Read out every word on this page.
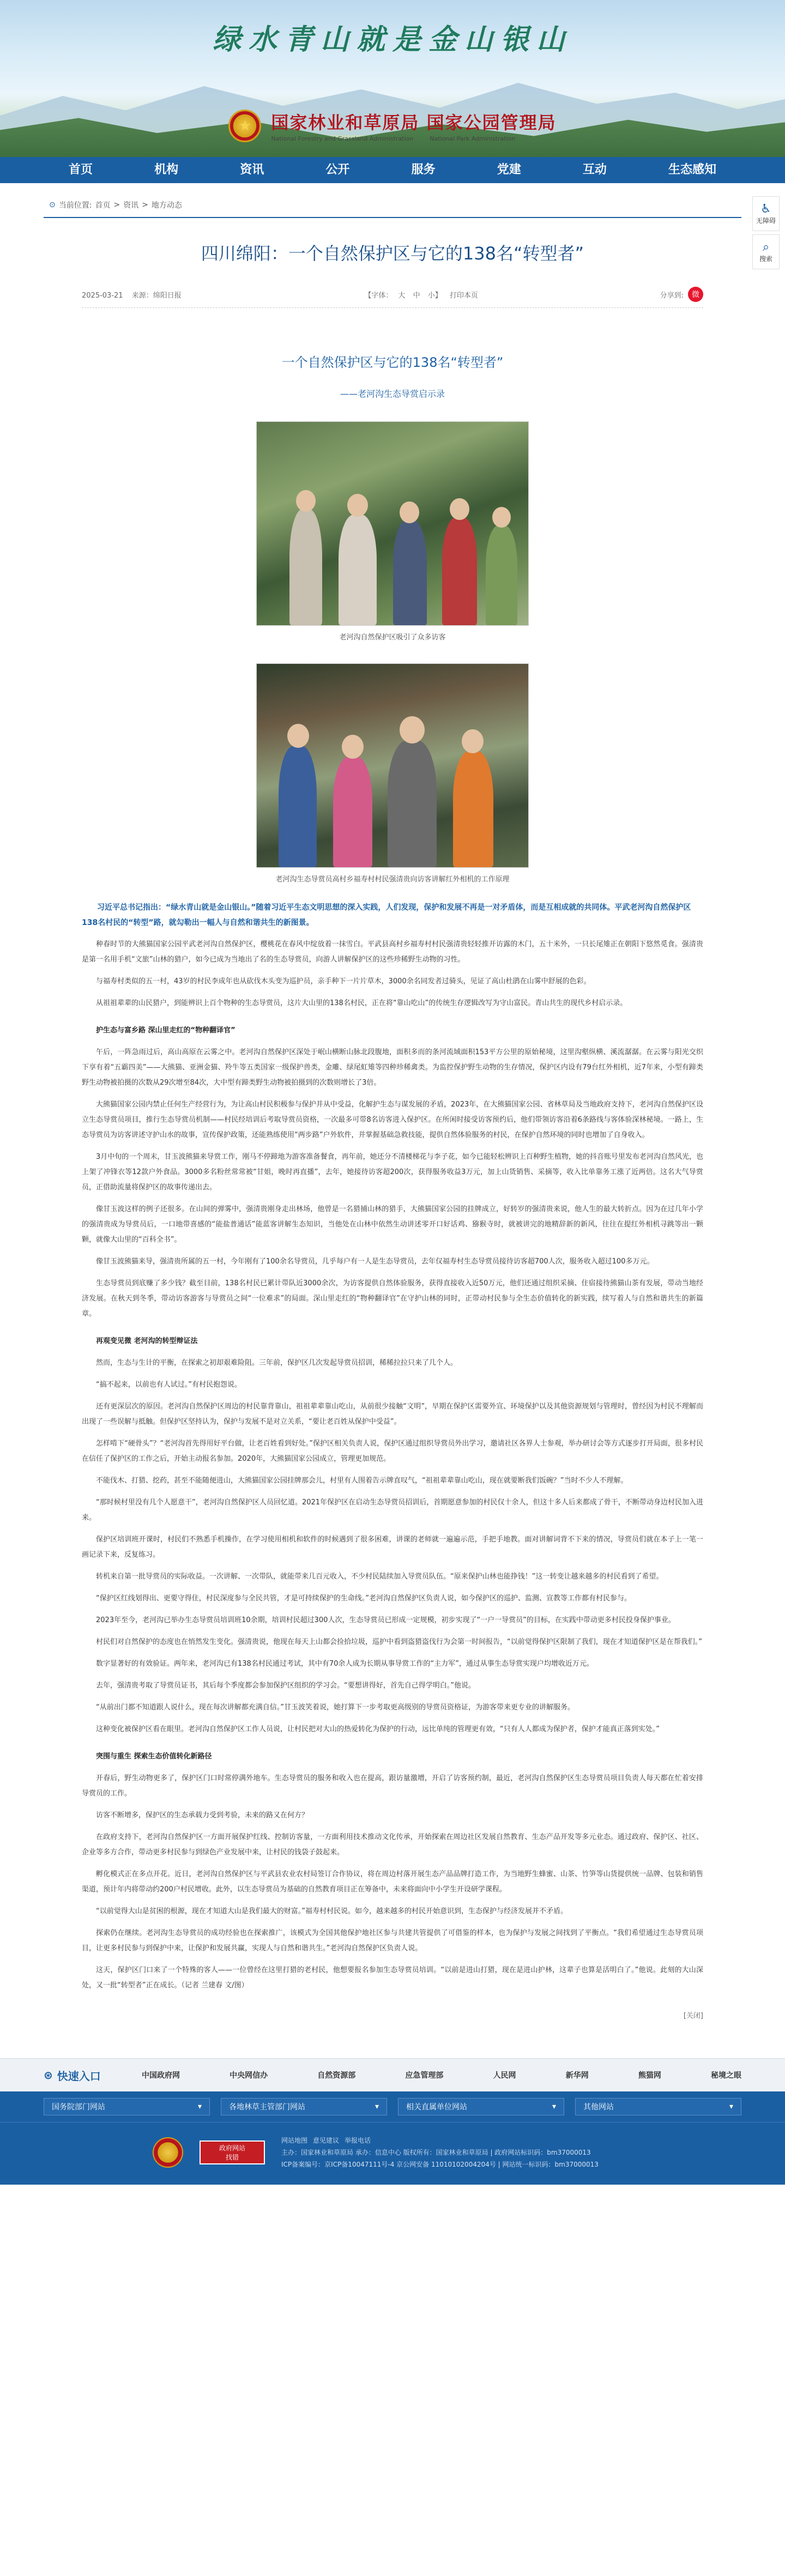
绿水青山就是金山银山
★	国家林业和草原局 国家公园管理局
National Forestry and Grassland Administration	National Park Administration
首页	机构	资讯	公开	服务	党建	互动	生态感知
♿
无障碍
⌕
搜索
⊙ 当前位置: 首页 > 资讯 > 地方动态
四川绵阳：一个自然保护区与它的138名“转型者”
2025-03-21 来源：绵阳日报	【字体： 大 中 小】 打印本页	分享到:	微
一个自然保护区与它的138名“转型者”
——老河沟生态导赏启示录
老河沟自然保护区吸引了众多访客
老河沟生态导赏员高村乡福寿村村民强清贵向访客讲解红外相机的工作原理

习近平总书记指出：“绿水青山就是金山银山。”随着习近平生态文明思想的深入实践，人们发现，保护和发展不再是一对矛盾体，而是互相成就的共同体。平武老河沟自然保护区138名村民的“转型”路，就勾勒出一幅人与自然和谐共生的新图景。

种春时节的大熊猫国家公园平武老河沟自然保护区，樱桃花在春风中绽放着一抹雪白。平武县高村乡福寿村村民强清贵轻轻推开访露的木门，五十米外，一只长尾雉正在朝阳下悠然觅食。强清贵是第一名用手机“文旅”山林的猎户，如今已成为当地出了名的生态导赏员，向游人讲解保护区的这些珍稀野生动物的习性。

与福寿村类似的五一村，43岁的村民李成年也从砍伐木头变为巡护员，亲手种下一片片草木，3000余名同发者过骑头，见证了高山杜鹃在山雾中舒展的色彩。

从祖祖辈辈的山民猎户，到能辨识上百个物种的生态导赏员，这片大山里的138名村民，正在将“靠山吃山”的传统生存逻辑改写为守山富民。青山共生的现代乡村启示录。

护生态与富乡路 深山里走红的“物种翻译官”

午后，一阵急雨过后，高山高原在云雾之中。老河沟自然保护区深处于岷山横断山脉北段腹地，面积多而的条河流域面积153平方公里的原始秘境，这里沟壑纵横、溪流潺潺。在云雾与阳光交织下享有着“五霸四美”——大熊猫、亚洲金猫、羚牛等五类国家一级保护兽类，金雕、绿尾虹雉等四种珍稀禽类。为监控保护野生动物的生存情况，保护区内设有79台红外相机，近7年来，小型有蹄类野生动物被拍摄的次数从29次增至84次，大中型有蹄类野生动物被拍摄到的次数则增长了3倍。

大熊猫国家公园内禁止任何生产经营行为，为让高山村民积极参与保护并从中受益，化解护生态与谋发展的矛盾，2023年，在大熊猫国家公园、省林草局及当地政府支持下，老河沟自然保护区设立生态导赏员项目，推行生态导赏员机制——村民经培训后考取导赏员资格，一次最多可带8名访客进入保护区。在所闲时接受访客预约后，他们带领访客沿着6条路线与客体验深林秘境。一路上，生态导赏员为访客讲述守护山水的故事，宣传保护政策，还能熟练使用“两步路”户外软件，并掌握基础急救技能，提供自然体验服务的村民，在保护自然环境的同时也增加了自身收入。

3月中旬的一个周末，甘玉波熊猫来导赏工作，刚马不停蹄地为游客准备餐食，再年前，她还分不清楼梯花与李子花，如今已能轻松辨识上百种野生植物，她的抖音账号里发布老河沟自然风光，也上架了冲锋衣等12款户外食品。3000多名粉丝常常被“甘姐，晚时再直播”，去年，她接待访客超200次，获得服务收益3万元，加上山货销售、采摘等，收入比单靠务工涨了近两倍。这名大气导赏员，正借助流量将保护区的故事传递出去。

像甘玉波这样的例子还很多。在山间的弹雾中，强清贵刚身走出林场，他曾是一名猎捕山林的猎手，大熊猫国家公园的挂牌成立，好转岁的强清贵来说，他人生的最大转折点。因为在过几年小学的强清贵成为导赏员后，一口地带喜感的“能盐普通话”能蓝客讲解生态知识，当他处在山林中依然生动讲述零开口好话鸡、猕猴寺时，就被讲完的地精辞新的新风，往往在提红外相机寻跳等出一颗颗，就像大山里的“百科全书”。

像甘玉波熊猫来导，强清贵所属的五一村，今年刚有了100余名导赏员，几乎每户有一人是生态导赏员，去年仅福寿村生态导赏员接待访客超700人次，服务收入超过100多万元。

生态导赏员到底赚了多少钱？截至目前，138名村民已累计带队近3000余次，为访客提供自然体验服务，获得直接收入近50万元，他们还通过组织采摘、住宿接待熊猫山茶有发展，带动当地经济发展。在秋天到冬季，带动访客游客与导赏员之间“一位难求”的局面。深山里走红的“物种翻译官”在守护山林的同时，正带动村民参与全生态价值转化的新实践，续写着人与自然和谐共生的新篇章。

再观变见微 老河沟的转型辩证法

然而，生态与生计的平衡，在探索之初却艰难险阻。三年前，保护区几次发起导赏员招训，稀稀拉拉只来了几个人。

“搞不起来，以前也有人试过。”有村民抱怨说。

还有更深层次的原因。老河沟自然保护区周边的村民靠背靠山，祖祖辈辈靠山吃山，从前很少接触“文明”，早期在保护区需要外宣、环境保护以及其他资源规划与管理时，曾经因为村民不理解而出现了一些误解与抵触。但保护区坚持认为，保护与发展不是对立关系，“要让老百姓从保护中受益”。

怎样啃下“硬骨头”？“老河沟首先得用好平台做，让老百姓看到好处。”保护区相关负责人说，保护区通过组织导赏员外出学习，邀请社区各界人士参观，举办研讨会等方式逐步打开局面，很多村民在信任了保护区的工作之后，开始主动报名参加。2020年，大熊猫国家公园成立，管理更加规范。

不能伐木、打猎、挖药，甚至不能随便进山，大熊猫国家公园挂牌那会儿，村里有人围着告示牌直叹气，“祖祖辈辈靠山吃山，现在就要断我们饭碗？”当时不少人不理解。

“那时候村里没有几个人愿意干”，老河沟自然保护区人员回忆道。2021年保护区在启动生态导赏员招训后，首期愿意参加的村民仅十余人，但这十多人后来都成了骨干，不断带动身边村民加入进来。

保护区培训班开课时，村民们不熟悉手机操作，在学习使用相机和软件的时候遇到了很多困难，讲课的老师就一遍遍示范，手把手地教。面对讲解词背不下来的情况，导赏员们就在本子上一笔一画记录下来，反复练习。

转机来自第一批导赏员的实际收益。一次讲解、一次带队，就能带来几百元收入，不少村民陆续加入导赏员队伍。“原来保护山林也能挣钱！”这一转变让越来越多的村民看到了希望。

“保护区红线划得出、更要守得住，村民深度参与全民共管，才是可持续保护的生命线。”老河沟自然保护区负责人说，如今保护区的巡护、监测、宣教等工作都有村民参与。

2023年至今，老河沟已举办生态导赏员培训班10余期，培训村民超过300人次，生态导赏员已形成一定规模，初步实现了“一户一导赏员”的目标，在实践中带动更多村民投身保护事业。

村民们对自然保护的态度也在悄然发生变化。强清贵说，他现在每天上山都会捡拾垃圾，巡护中看到盗猎盗伐行为会第一时间报告，“以前觉得保护区限制了我们，现在才知道保护区是在帮我们。”

数字显著好的有效验证。两年来，老河沟已有138名村民通过考试，其中有70余人成为长期从事导赏工作的“主力军”，通过从事生态导赏实现户均增收近万元。

去年，强清贵考取了导赏员证书，其后每个季度都会参加保护区组织的学习会。“要想讲得好，首先自己得学明白。”他说。

“从前出门都不知道跟人说什么，现在每次讲解都充满自信。”甘玉波笑着说，她打算下一步考取更高级别的导赏员资格证，为游客带来更专业的讲解服务。

这种变化被保护区看在眼里。老河沟自然保护区工作人员说，让村民把对大山的热爱转化为保护的行动，远比单纯的管理更有效，“只有人人都成为保护者，保护才能真正落到实处。”

突围与重生 探索生态价值转化新路径

开春后，野生动物更多了，保护区门口时常停满外地车。生态导赏员的服务和收入也在提高，跟访量激增，开启了访客预约制，最近，老河沟自然保护区生态导赏员项目负责人每天都在忙着安排导赏员的工作。

访客不断增多，保护区的生态承载力受到考验，未来的路又在何方？

在政府支持下，老河沟自然保护区一方面开展保护红线、控制访客量，一方面利用技术推动文化传承，开始探索在周边社区发展自然教育、生态产品开发等多元业态。通过政府、保护区、社区、企业等多方合作，带动更多村民参与到绿色产业发展中来，让村民的钱袋子鼓起来。

孵化模式正在多点开花。近日，老河沟自然保护区与平武县农业农村局签订合作协议，将在周边村落开展生态产品品牌打造工作，为当地野生蜂蜜、山茶、竹笋等山货提供统一品牌、包装和销售渠道，预计年内将带动约200户村民增收。此外，以生态导赏员为基础的自然教育项目正在筹备中，未来将面向中小学生开设研学课程。

“以前觉得大山是贫困的根源，现在才知道大山是我们最大的财富。”福寿村村民说。如今，越来越多的村民开始意识到，生态保护与经济发展并不矛盾。

探索仍在继续。老河沟生态导赏员的成功经验也在探索推广，该模式为全国其他保护地社区参与共建共管提供了可借鉴的样本，也为保护与发展之间找到了平衡点。“我们希望通过生态导赏员项目，让更多村民参与到保护中来，让保护和发展共赢，实现人与自然和谐共生。”老河沟自然保护区负责人说。

这天，保护区门口来了一个特殊的客人——一位曾经在这里打猎的老村民，他想要报名参加生态导赏员培训。“以前是进山打猎，现在是进山护林，这辈子也算是活明白了。”他说。此刻的大山深处，又一批“转型者”正在成长。（记者 兰建春 文/图）

[关闭]
⊛ 快速入口	中国政府网	中央网信办	自然资源部	应急管理部	人民网	新华网	熊猫网	秘境之眼
国务院部门网站	▾	各地林草主管部门网站	▾	相关直属单位网站	▾	其他网站	▾
政府网站
找错
网站地图 意见建议 举报电话
主办：国家林业和草原局 承办：信息中心 版权所有：国家林业和草原局 | 政府网站标识码：bm37000013
ICP备案编号：京ICP备10047111号-4 京公网安备 11010102004204号 | 网站统一标识码：bm37000013
